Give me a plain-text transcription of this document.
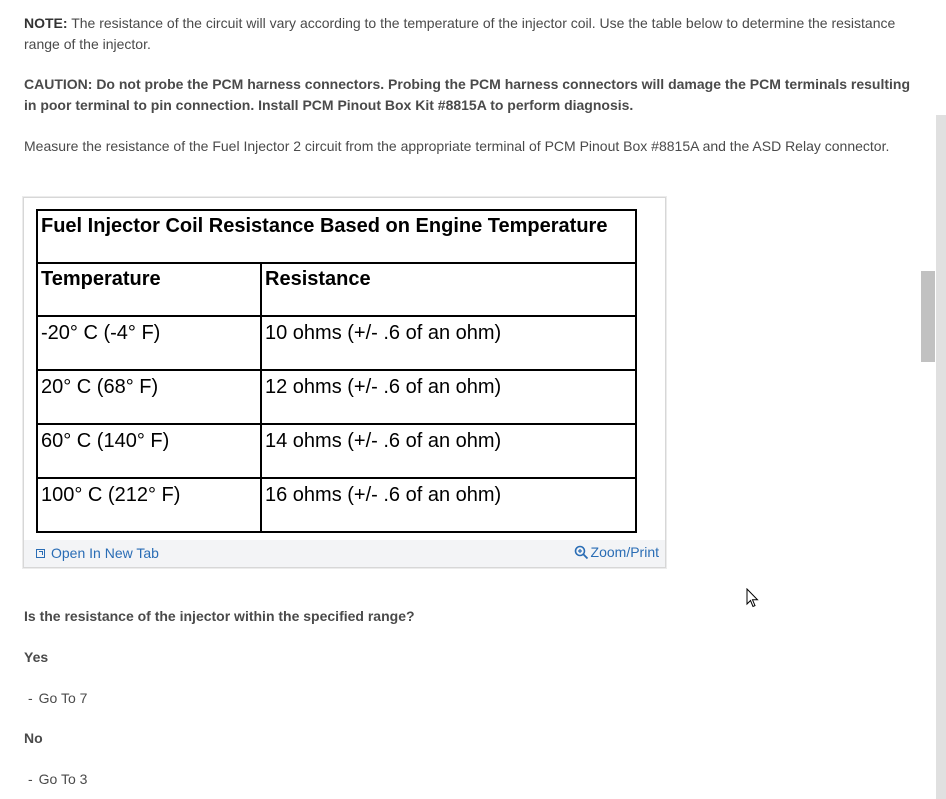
NOTE: The resistance of the circuit will vary according to the temperature of the injector coil. Use the table below to determine the resistance range of the injector.

CAUTION: Do not probe the PCM harness connectors. Probing the PCM harness connectors will damage the PCM terminals resulting in poor terminal to pin connection. Install PCM Pinout Box Kit #8815A to perform diagnosis.

Measure the resistance of the Fuel Injector 2 circuit from the appropriate terminal of PCM Pinout Box #8815A and the ASD Relay connector.

Fuel Injector Coil Resistance Based on Engine Temperature	
Temperature	Resistance
-20° C (-4° F)	10 ohms (+/- .6 of an ohm)
20° C (68° F)	12 ohms (+/- .6 of an ohm)
60° C (140° F)	14 ohms (+/- .6 of an ohm)
100° C (212° F)	16 ohms (+/- .6 of an ohm)
Open In New Tab	Zoom/Print
Is the resistance of the injector within the specified range?
Yes
- Go To 7
No
- Go To 3
